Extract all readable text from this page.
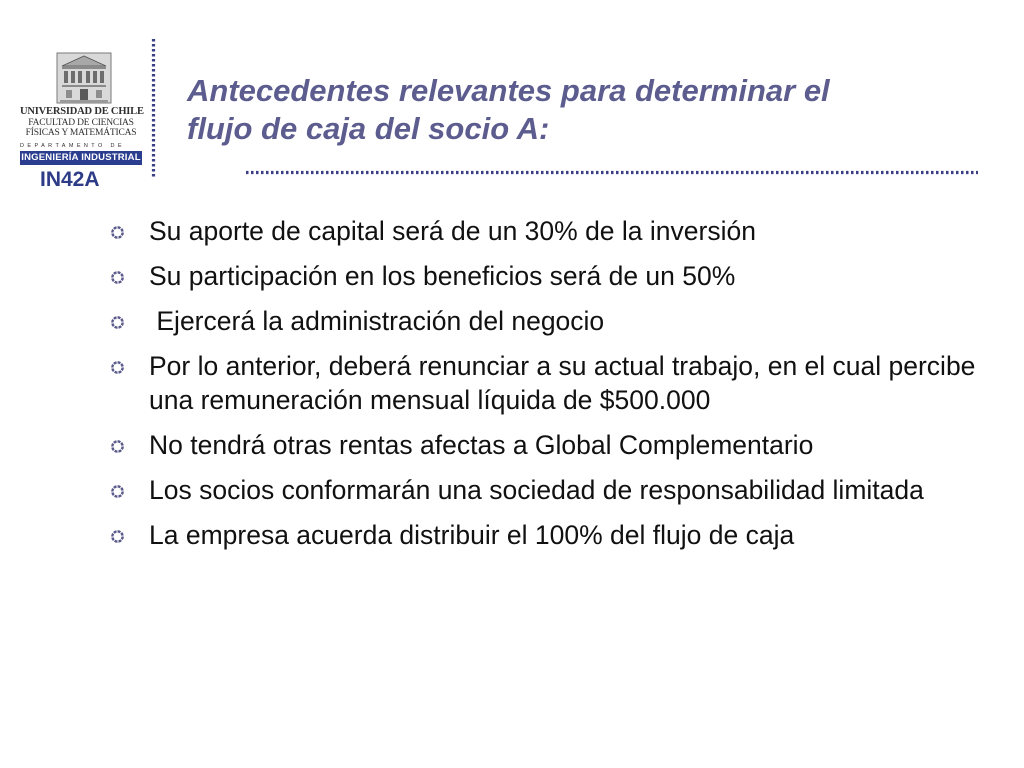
UNIVERSIDAD DE CHILE
FACULTAD DE CIENCIAS
FÍSICAS Y MATEMÁTICAS
DEPARTAMENTO DE
INGENIERÍA INDUSTRIAL
IN42A
Antecedentes relevantes para determinar el
flujo de caja del socio A:
Su aporte de capital será de un 30% de la inversión
Su participación en los beneficios será de un 50%
Ejercerá la administración del negocio
Por lo anterior, deberá renunciar a su actual trabajo, en el cual percibe una remuneración mensual líquida de $500.000
No tendrá otras rentas afectas a Global Complementario
Los socios conformarán una sociedad de responsabilidad limitada
La empresa acuerda distribuir el 100% del flujo de caja
